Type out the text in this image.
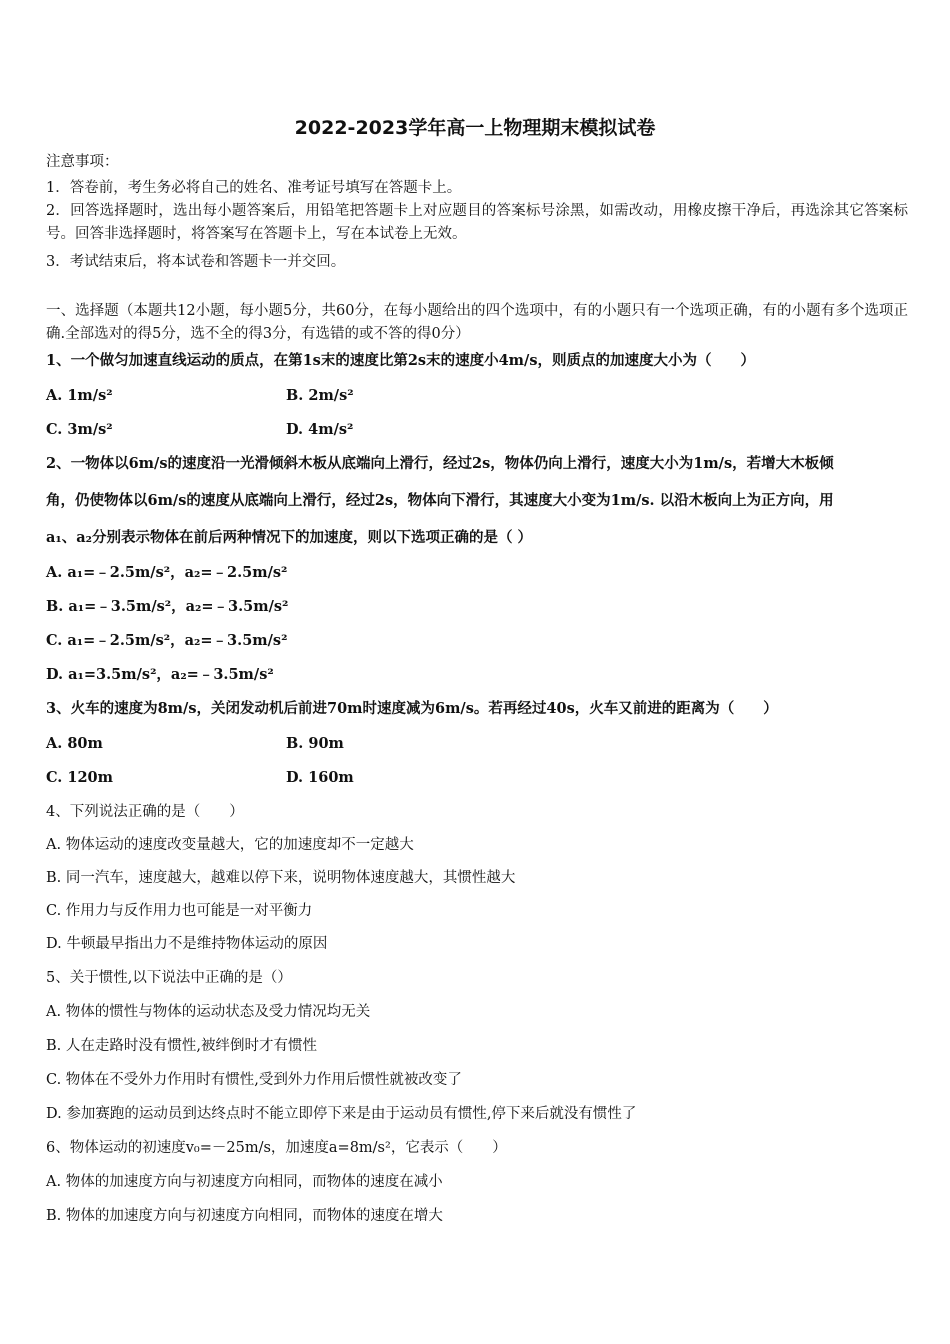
2022-2023学年高一上物理期末模拟试卷
注意事项：
1．答卷前，考生务必将自己的姓名、准考证号填写在答题卡上。
2．回答选择题时，选出每小题答案后，用铅笔把答题卡上对应题目的答案标号涂黑，如需改动，用橡皮擦干净后，再选涂其它答案标号。回答非选择题时，将答案写在答题卡上，写在本试卷上无效。
3．考试结束后，将本试卷和答题卡一并交回。
一、选择题（本题共12小题，每小题5分，共60分，在每小题给出的四个选项中，有的小题只有一个选项正确，有的小题有多个选项正确.全部选对的得5分，选不全的得3分，有选错的或不答的得0分）
1、一个做匀加速直线运动的质点，在第1s末的速度比第2s末的速度小4m/s，则质点的加速度大小为（　　）
A. 1m/s²	B. 2m/s²
C. 3m/s²	D. 4m/s²
2、一物体以6m/s的速度沿一光滑倾斜木板从底端向上滑行，经过2s，物体仍向上滑行，速度大小为1m/s，若增大木板倾
角，仍使物体以6m/s的速度从底端向上滑行，经过2s，物体向下滑行，其速度大小变为1m/s. 以沿木板向上为正方向，用
a₁、a₂分别表示物体在前后两种情况下的加速度，则以下选项正确的是（ ）
A. a₁=﹣2.5m/s²，a₂=﹣2.5m/s²
B. a₁=﹣3.5m/s²，a₂=﹣3.5m/s²
C. a₁=﹣2.5m/s²，a₂=﹣3.5m/s²
D. a₁=3.5m/s²，a₂=﹣3.5m/s²
3、火车的速度为8m/s，关闭发动机后前进70m时速度减为6m/s。若再经过40s，火车又前进的距离为（　　）
A. 80m	B. 90m
C. 120m	D. 160m
4、下列说法正确的是（　　）
A. 物体运动的速度改变量越大，它的加速度却不一定越大
B. 同一汽车，速度越大，越难以停下来，说明物体速度越大，其惯性越大
C. 作用力与反作用力也可能是一对平衡力
D. 牛顿最早指出力不是维持物体运动的原因
5、关于惯性,以下说法中正确的是（）
A. 物体的惯性与物体的运动状态及受力情况均无关
B. 人在走路时没有惯性,被绊倒时才有惯性
C. 物体在不受外力作用时有惯性,受到外力作用后惯性就被改变了
D. 参加赛跑的运动员到达终点时不能立即停下来是由于运动员有惯性,停下来后就没有惯性了
6、物体运动的初速度v₀=－25m/s，加速度a=8m/s²，它表示（　　）
A. 物体的加速度方向与初速度方向相同，而物体的速度在减小
B. 物体的加速度方向与初速度方向相同，而物体的速度在增大
